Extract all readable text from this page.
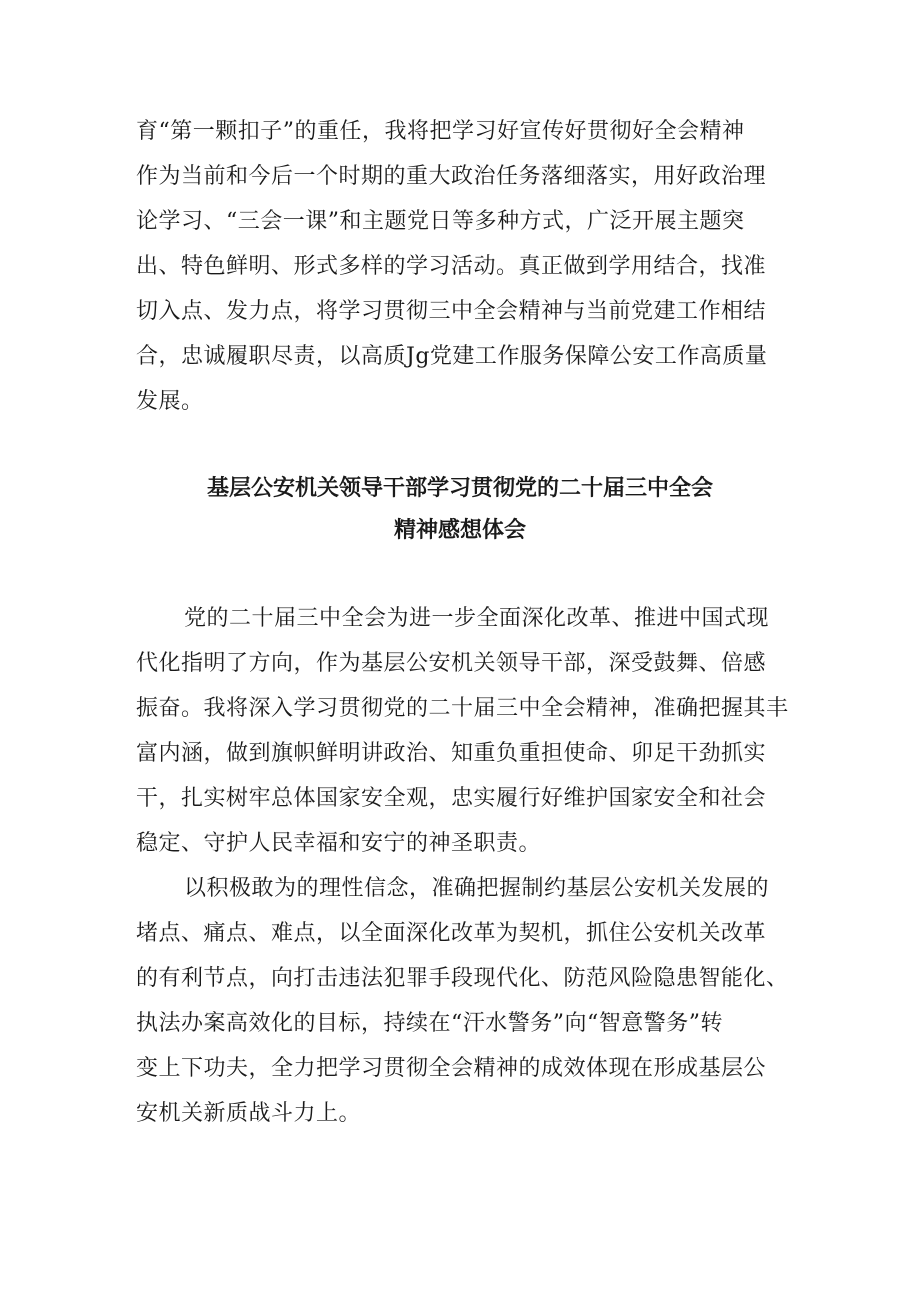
育“第一颗扣子”的重任，我将把学习好宣传好贯彻好全会精神
作为当前和今后一个时期的重大政治任务落细落实，用好政治理
论学习、“三会一课”和主题党日等多种方式，广泛开展主题突
出、特色鲜明、形式多样的学习活动。真正做到学用结合，找准
切入点、发力点，将学习贯彻三中全会精神与当前党建工作相结
合，忠诚履职尽责，以高质Jg党建工作服务保障公安工作高质量
发展。
基层公安机关领导干部学习贯彻党的二十届三中全会
精神感想体会
党的二十届三中全会为进一步全面深化改革、推进中国式现
代化指明了方向，作为基层公安机关领导干部，深受鼓舞、倍感
振奋。我将深入学习贯彻党的二十届三中全会精神，准确把握其丰
富内涵，做到旗帜鲜明讲政治、知重负重担使命、卯足干劲抓实
干，扎实树牢总体国家安全观，忠实履行好维护国家安全和社会
稳定、守护人民幸福和安宁的神圣职责。
以积极敢为的理性信念，准确把握制约基层公安机关发展的
堵点、痛点、难点，以全面深化改革为契机，抓住公安机关改革
的有利节点，向打击违法犯罪手段现代化、防范风险隐患智能化、
执法办案高效化的目标，持续在“汗水警务”向“智意警务”转
变上下功夫，全力把学习贯彻全会精神的成效体现在形成基层公
安机关新质战斗力上。
